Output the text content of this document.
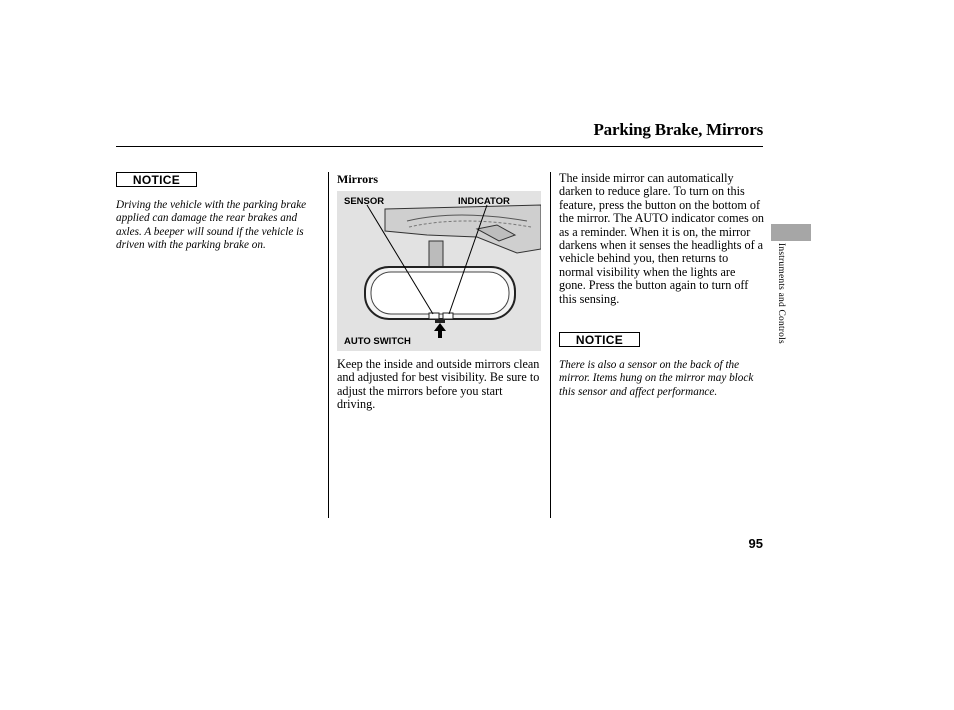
Parking Brake, Mirrors
NOTICE
Driving the vehicle with the parking brake applied can damage the rear brakes and axles. A beeper will sound if the vehicle is driven with the parking brake on.
Mirrors
SENSOR	INDICATOR
AUTO SWITCH
Keep the inside and outside mirrors clean and adjusted for best visibility. Be sure to adjust the mirrors before you start driving.
The inside mirror can automatically darken to reduce glare. To turn on this feature, press the button on the bottom of the mirror. The AUTO indicator comes on as a reminder. When it is on, the mirror darkens when it senses the headlights of a vehicle behind you, then returns to normal visibility when the lights are gone. Press the button again to turn off this sensing.
NOTICE
There is also a sensor on the back of the mirror. Items hung on the mirror may block this sensor and affect performance.
Instruments and Controls
95
